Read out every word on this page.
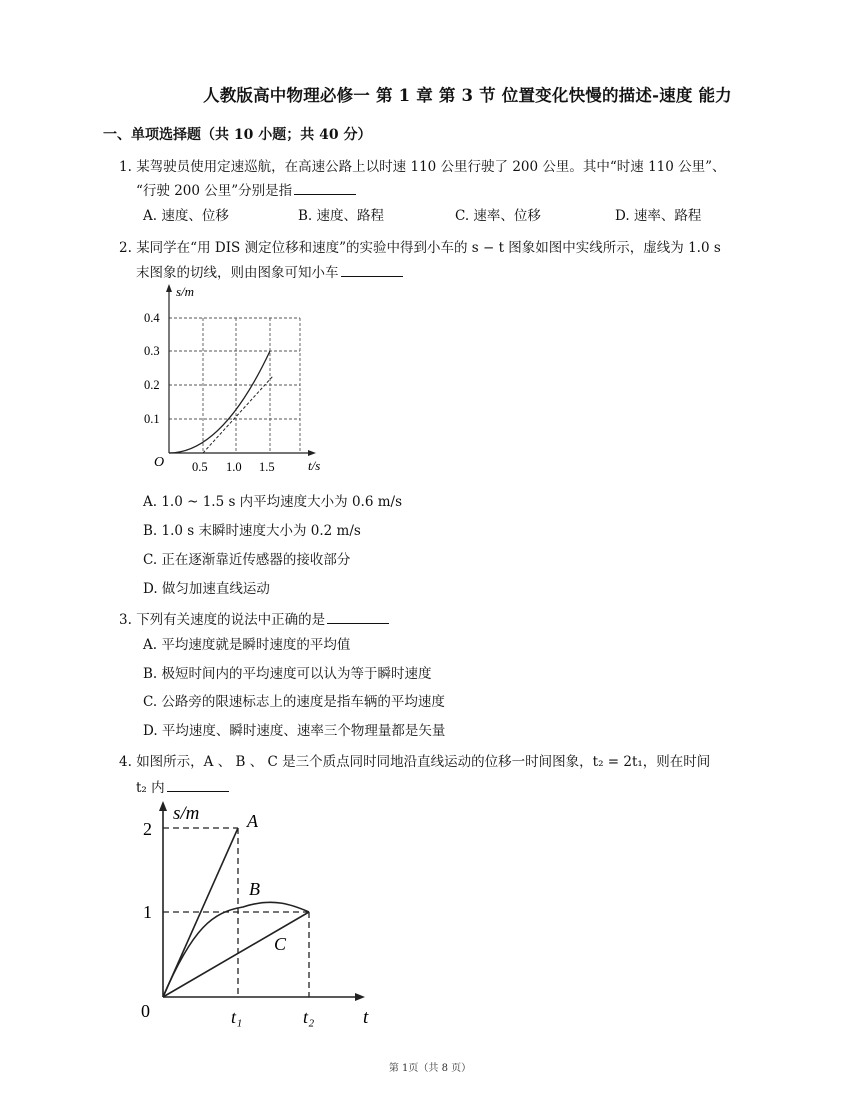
人教版高中物理必修一 第 1 章 第 3 节 位置变化快慢的描述-速度 能力
一、单项选择题（共 10 小题；共 40 分）
1. 某驾驶员使用定速巡航，在高速公路上以时速 110 公里行驶了 200 公里。其中“时速 110 公里”、
“行驶 200 公里”分别是指
A. 速度、位移	B. 速度、路程	C. 速率、位移	D. 速率、路程
2. 某同学在“用 DIS 测定位移和速度”的实验中得到小车的 s − t 图象如图中实线所示，虚线为 1.0 s
末图象的切线，则由图象可知小车
s/m
t/s
O
0.4
0.3
0.2
0.1
0.5 1.0 1.5
A. 1.0 ~ 1.5 s 内平均速度大小为 0.6 m/s
B. 1.0 s 末瞬时速度大小为 0.2 m/s
C. 正在逐渐靠近传感器的接收部分
D. 做匀加速直线运动
3. 下列有关速度的说法中正确的是
A. 平均速度就是瞬时速度的平均值
B. 极短时间内的平均速度可以认为等于瞬时速度
C. 公路旁的限速标志上的速度是指车辆的平均速度
D. 平均速度、瞬时速度、速率三个物理量都是矢量
4. 如图所示，A 、 B 、 C 是三个质点同时同地沿直线运动的位移一时间图象，t₂ = 2t₁，则在时间
t₂ 内
s/m
t
0
2
1
t₁	t₂
A
B
C
第 1页（共 8 页）
